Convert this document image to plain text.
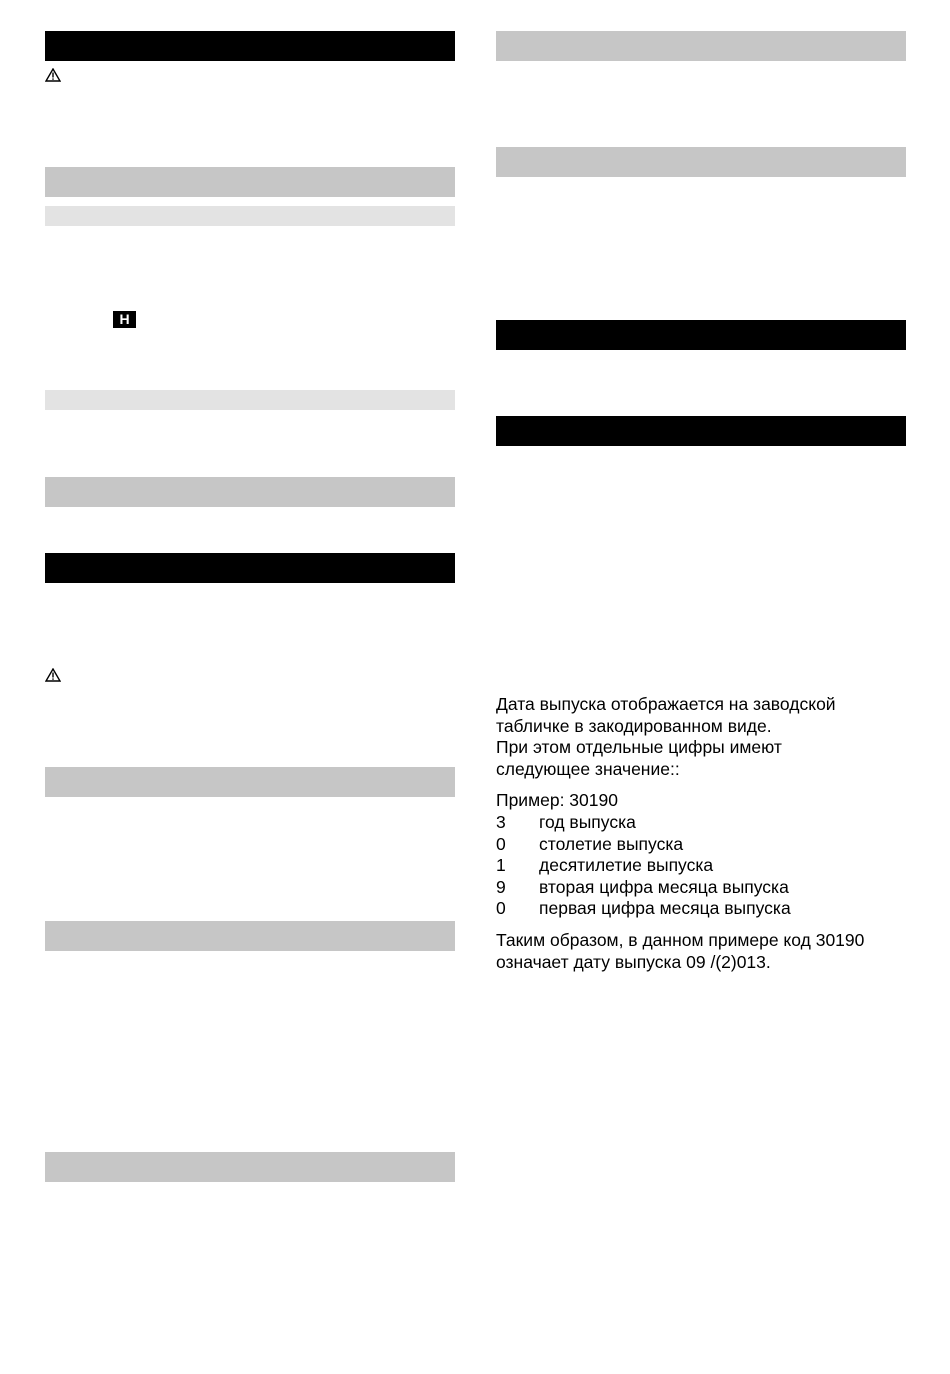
H

Дата выпуска отображается на заводской

табличке в закодированном виде.

При этом отдельные цифры имеют

следующее значение::

Пример: 30190

3	год выпуска
0	столетие выпуска
1	десятилетие выпуска
9	вторая цифра месяца выпуска
0	первая цифра месяца выпуска

Таким образом, в данном примере код 30190

означает дату выпуска 09 /(2)013.
